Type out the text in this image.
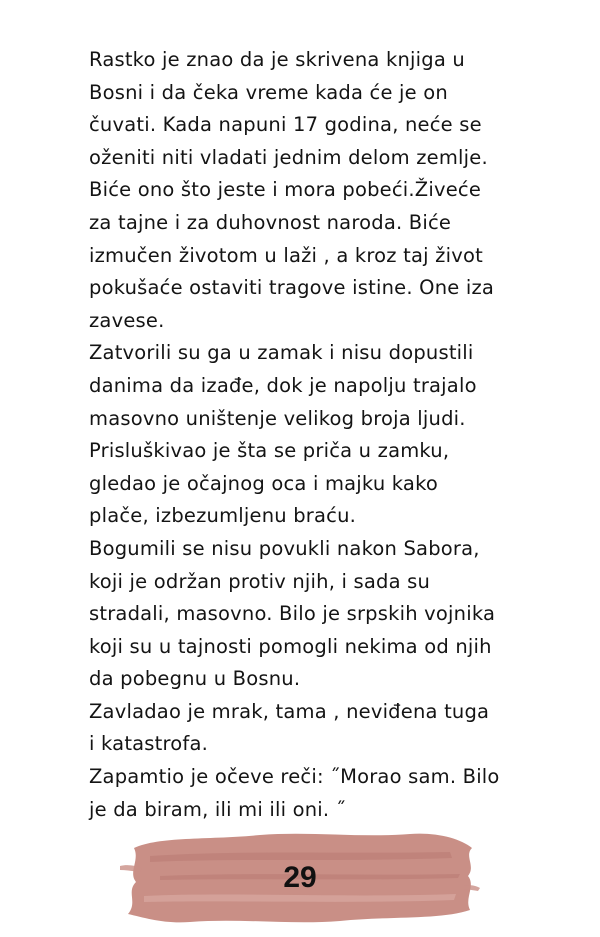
Rastko je znao da je skrivena knjiga u
Bosni i da čeka vreme kada će je on
čuvati. Kada napuni 17 godina, neće se
oženiti niti vladati jednim delom zemlje.
Biće ono što jeste i mora pobeći.Živeće
za tajne i za duhovnost naroda. Biće
izmučen životom u laži , a kroz taj život
pokušaće ostaviti tragove istine. One iza
zavese.
Zatvorili su ga u zamak i nisu dopustili
danima da izađe, dok je napolju trajalo
masovno uništenje velikog broja ljudi.
Prisluškivao je šta se priča u zamku,
gledao je očajnog oca i majku kako
plače, izbezumljenu braću.
Bogumili se nisu povukli nakon Sabora,
koji je održan protiv njih, i sada su
stradali, masovno. Bilo je srpskih vojnika
koji su u tajnosti pomogli nekima od njih
da pobegnu u Bosnu.
Zavladao je mrak, tama , neviđena tuga
i katastrofa.
Zapamtio je očeve reči: ˝Morao sam. Bilo
je da biram, ili mi ili oni. ˝
29
